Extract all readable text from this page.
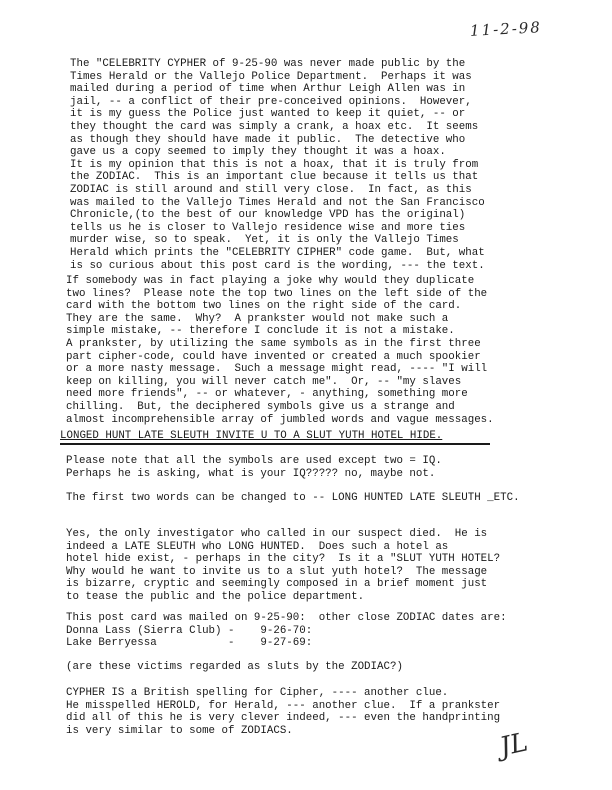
11-2-98
The "CELEBRITY CYPHER of 9-25-90 was never made public by the
Times Herald or the Vallejo Police Department.  Perhaps it was
mailed during a period of time when Arthur Leigh Allen was in
jail, -- a conflict of their pre-conceived opinions.  However,
it is my guess the Police just wanted to keep it quiet, -- or
they thought the card was simply a crank, a hoax etc.  It seems
as though they should have made it public.  The detective who
gave us a copy seemed to imply they thought it was a hoax.
It is my opinion that this is not a hoax, that it is truly from
the ZODIAC.  This is an important clue because it tells us that
ZODIAC is still around and still very close.  In fact, as this
was mailed to the Vallejo Times Herald and not the San Francisco
Chronicle,(to the best of our knowledge VPD has the original)
tells us he is closer to Vallejo residence wise and more ties
murder wise, so to speak.  Yet, it is only the Vallejo Times
Herald which prints the "CELEBRITY CIPHER" code game.  But, what
is so curious about this post card is the wording, --- the text.
If somebody was in fact playing a joke why would they duplicate
two lines?  Please note the top two lines on the left side of the
card with the bottom two lines on the right side of the card.
They are the same.  Why?  A prankster would not make such a
simple mistake, -- therefore I conclude it is not a mistake.
A prankster, by utilizing the same symbols as in the first three
part cipher-code, could have invented or created a much spookier
or a more nasty message.  Such a message might read, ---- "I will
keep on killing, you will never catch me".  Or, -- "my slaves
need more friends", -- or whatever, - anything, something more
chilling.  But, the deciphered symbols give us a strange and
almost incomprehensible array of jumbled words and vague messages.
LONGED HUNT LATE SLEUTH INVITE U TO A SLUT YUTH HOTEL HIDE.
Please note that all the symbols are used except two = IQ.
Perhaps he is asking, what is your IQ????? no, maybe not.
The first two words can be changed to -- LONG HUNTED LATE SLEUTH _ETC.
Yes, the only investigator who called in our suspect died.  He is
indeed a LATE SLEUTH who LONG HUNTED.  Does such a hotel as
hotel hide exist, - perhaps in the city?  Is it a "SLUT YUTH HOTEL?
Why would he want to invite us to a slut yuth hotel?  The message
is bizarre, cryptic and seemingly composed in a brief moment just
to tease the public and the police department.
This post card was mailed on 9-25-90:  other close ZODIAC dates are:
Donna Lass (Sierra Club) -    9-26-70:
Lake Berryessa           -    9-27-69:
(are these victims regarded as sluts by the ZODIAC?)
CYPHER IS a British spelling for Cipher, ---- another clue.
He misspelled HEROLD, for Herald, --- another clue.  If a prankster
did all of this he is very clever indeed, --- even the handprinting
is very similar to some of ZODIACS.	JL
